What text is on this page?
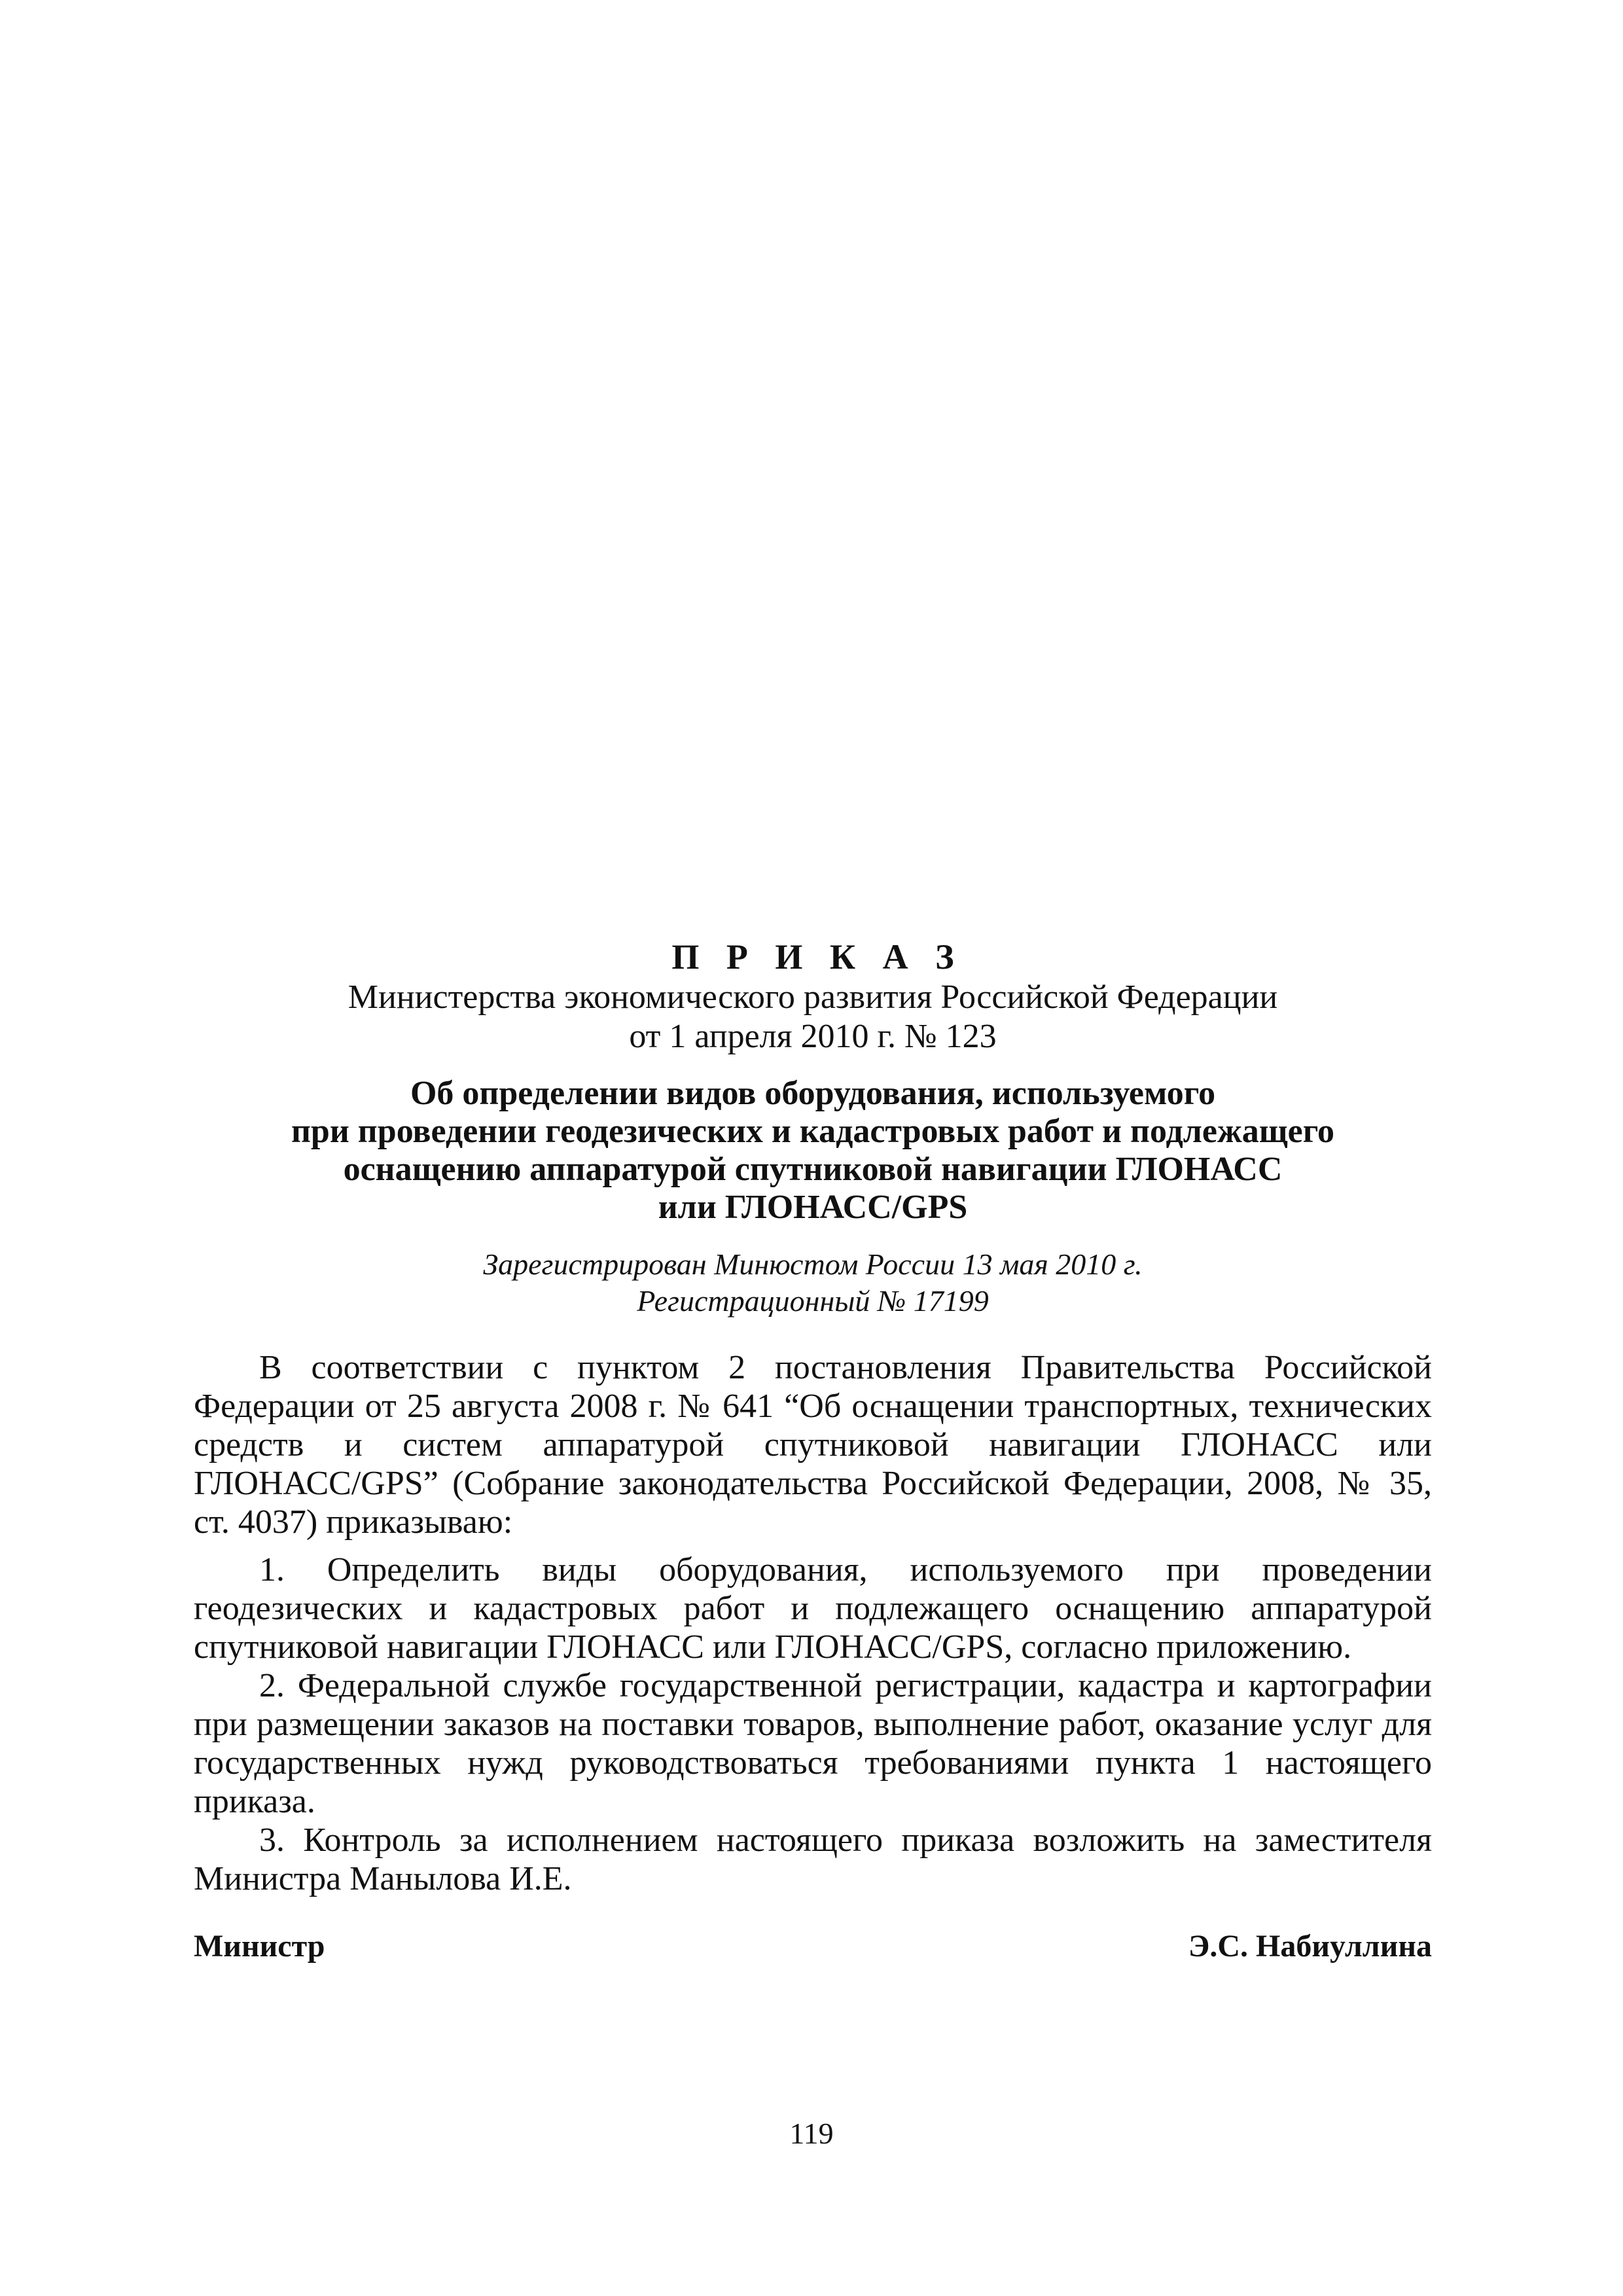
П Р И К А З
Министерства экономического развития Российской Федерации
от 1 апреля 2010 г. № 123
Об определении видов оборудования, используемого
при проведении геодезических и кадастровых работ и подлежащего
оснащению аппаратурой спутниковой навигации ГЛОНАСС
или ГЛОНАСС/GPS
Зарегистрирован Минюстом России 13 мая 2010 г.
Регистрационный № 17199

В соответствии с пунктом 2 постановления Правительства Российской Федерации от 25 августа 2008 г. № 641 “Об оснащении транспортных, технических средств и систем аппаратурой спутниковой навигации ГЛОНАСС или ГЛОНАСС/GPS” (Собрание законодательства Российской Федерации, 2008, № 35, ст. 4037) приказываю:

1. Определить виды оборудования, используемого при проведении геодезических и кадастровых работ и подлежащего оснащению аппаратурой спутниковой навигации ГЛОНАСС или ГЛОНАСС/GPS, согласно приложению.

2. Федеральной службе государственной регистрации, кадастра и картографии при размещении заказов на поставки товаров, выполнение работ, оказание услуг для государственных нужд руководствоваться требованиями пункта 1 настоящего приказа.

3. Контроль за исполнением настоящего приказа возложить на заместителя Министра Манылова И.Е.

Министр	Э.С. Набиуллина
119
